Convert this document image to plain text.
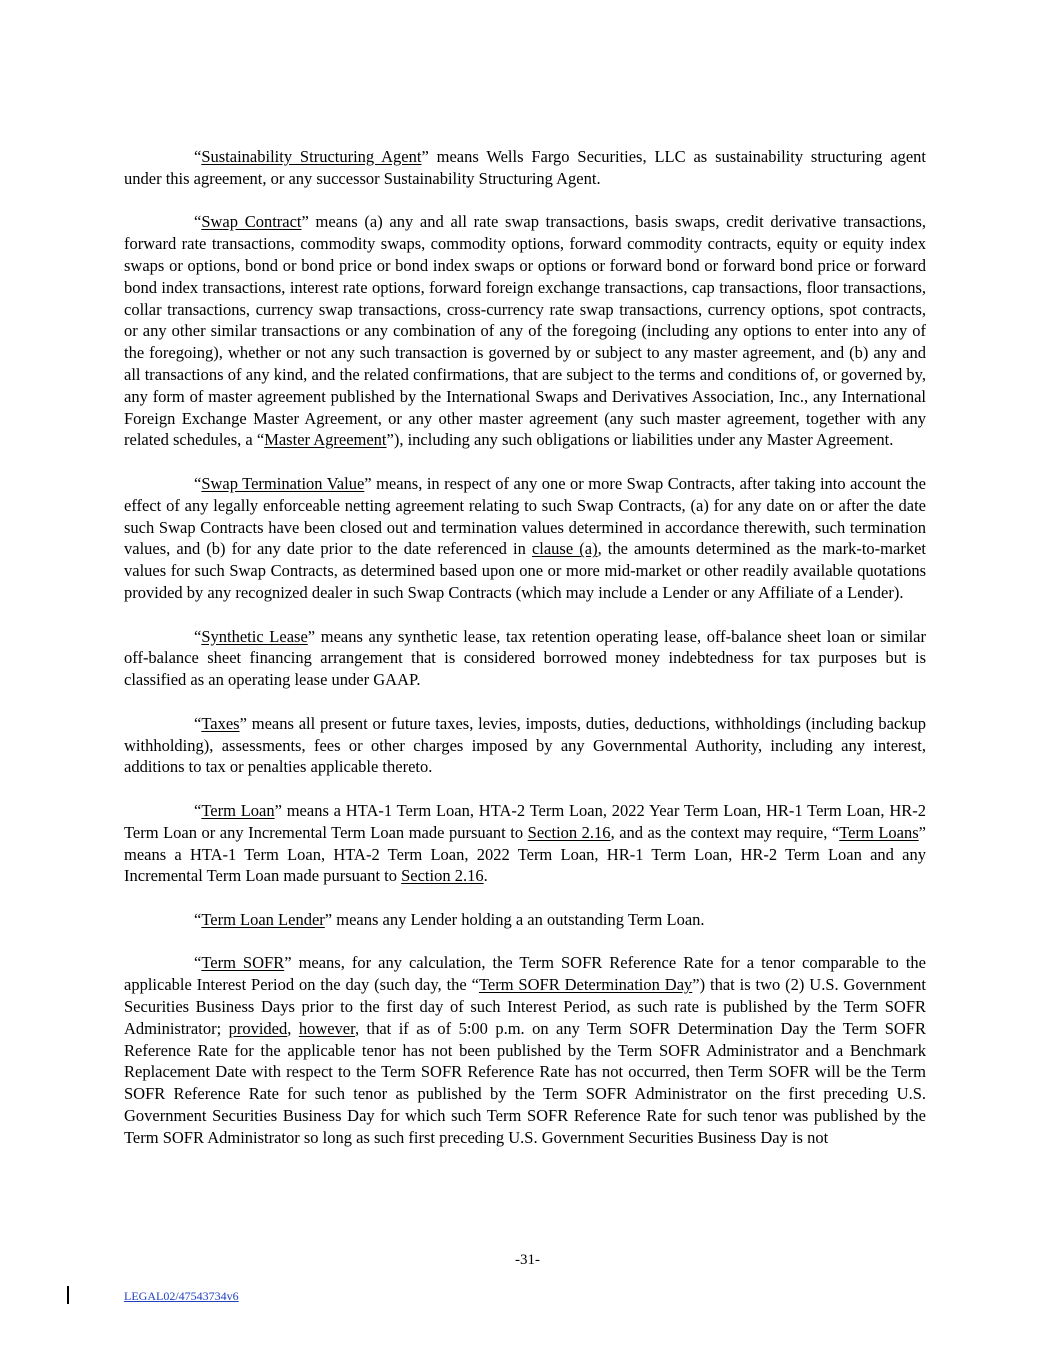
“Sustainability Structuring Agent” means Wells Fargo Securities, LLC as sustainability structuring agent under this agreement, or any successor Sustainability Structuring Agent.

“Swap Contract” means (a) any and all rate swap transactions, basis swaps, credit derivative transactions, forward rate transactions, commodity swaps, commodity options, forward commodity contracts, equity or equity index swaps or options, bond or bond price or bond index swaps or options or forward bond or forward bond price or forward bond index transactions, interest rate options, forward foreign exchange transactions, cap transactions, floor transactions, collar transactions, currency swap transactions, cross-currency rate swap transactions, currency options, spot contracts, or any other similar transactions or any combination of any of the foregoing (including any options to enter into any of the foregoing), whether or not any such transaction is governed by or subject to any master agreement, and (b) any and all transactions of any kind, and the related confirmations, that are subject to the terms and conditions of, or governed by, any form of master agreement published by the International Swaps and Derivatives Association, Inc., any International Foreign Exchange Master Agreement, or any other master agreement (any such master agreement, together with any related schedules, a “Master Agreement”), including any such obligations or liabilities under any Master Agreement.

“Swap Termination Value” means, in respect of any one or more Swap Contracts, after taking into account the effect of any legally enforceable netting agreement relating to such Swap Contracts, (a) for any date on or after the date such Swap Contracts have been closed out and termination values determined in accordance therewith, such termination values, and (b) for any date prior to the date referenced in clause (a), the amounts determined as the mark-to-market values for such Swap Contracts, as determined based upon one or more mid-market or other readily available quotations provided by any recognized dealer in such Swap Contracts (which may include a Lender or any Affiliate of a Lender).

“Synthetic Lease” means any synthetic lease, tax retention operating lease, off-balance sheet loan or similar off-balance sheet financing arrangement that is considered borrowed money indebtedness for tax purposes but is classified as an operating lease under GAAP.

“Taxes” means all present or future taxes, levies, imposts, duties, deductions, withholdings (including backup withholding), assessments, fees or other charges imposed by any Governmental Authority, including any interest, additions to tax or penalties applicable thereto.

“Term Loan” means a HTA-1 Term Loan, HTA-2 Term Loan, 2022 Year Term Loan, HR-1 Term Loan, HR-2 Term Loan or any Incremental Term Loan made pursuant to Section 2.16, and as the context may require, “Term Loans” means a HTA-1 Term Loan, HTA-2 Term Loan, 2022 Term Loan, HR-1 Term Loan, HR-2 Term Loan and any Incremental Term Loan made pursuant to Section 2.16.

“Term Loan Lender” means any Lender holding a an outstanding Term Loan.

“Term SOFR” means, for any calculation, the Term SOFR Reference Rate for a tenor comparable to the applicable Interest Period on the day (such day, the “Term SOFR Determination Day”) that is two (2) U.S. Government Securities Business Days prior to the first day of such Interest Period, as such rate is published by the Term SOFR Administrator; provided, however, that if as of 5:00 p.m. on any Term SOFR Determination Day the Term SOFR Reference Rate for the applicable tenor has not been published by the Term SOFR Administrator and a Benchmark Replacement Date with respect to the Term SOFR Reference Rate has not occurred, then Term SOFR will be the Term SOFR Reference Rate for such tenor as published by the Term SOFR Administrator on the first preceding U.S. Government Securities Business Day for which such Term SOFR Reference Rate for such tenor was published by the Term SOFR Administrator so long as such first preceding U.S. Government Securities Business Day is not

-31-
LEGAL02/47543734v6
